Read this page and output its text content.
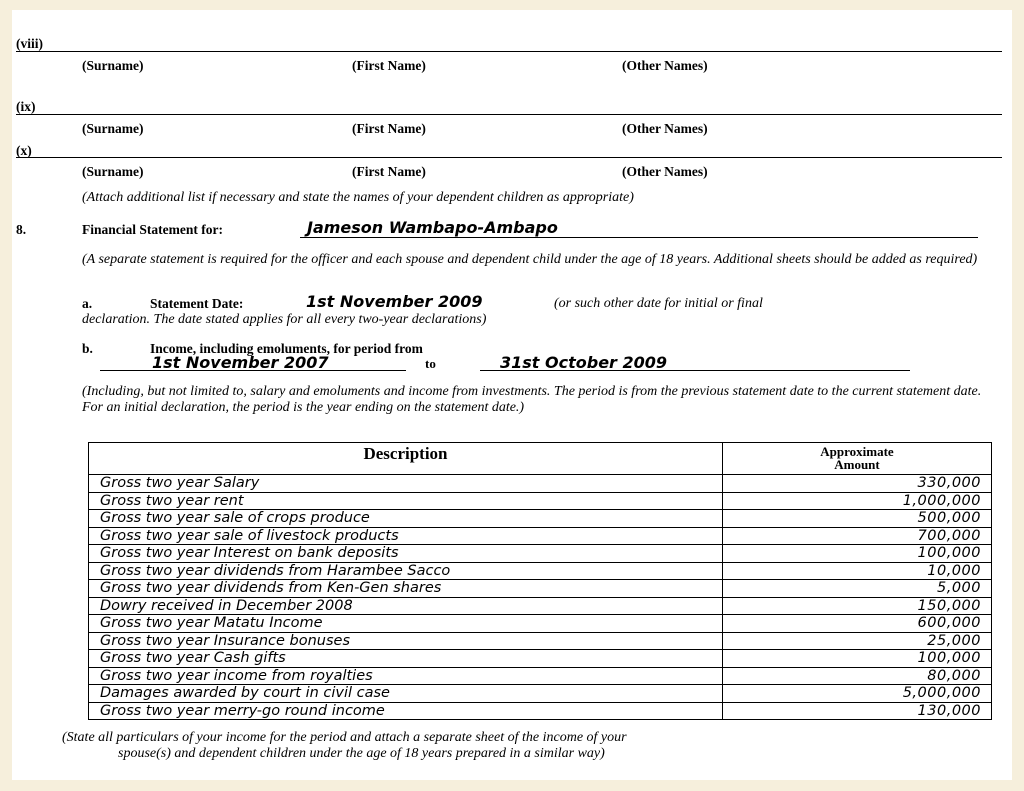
(viii)
(Surname)	(First Name)	(Other Names)
(ix)
(Surname)	(First Name)	(Other Names)
(x)
(Surname)	(First Name)	(Other Names)
(Attach additional list if necessary and state the names of your dependent children as appropriate)
8.	Financial Statement for:	Jameson Wambapo-Ambapo
(A separate statement is required for the officer and each spouse and dependent child under the age of 18 years. Additional sheets should be added as required)
a.	Statement Date:	1st November 2009	(or such other date for initial or final
declaration. The date stated applies for all every two-year declarations)
b.	Income, including emoluments, for period from
1st November 2007	to	31st October 2009
(Including, but not limited to, salary and emoluments and income from investments. The period is from the previous statement date to the current statement date. For an initial declaration, the period is the year ending on the statement date.)
Description	Approximate
Amount
Gross two year Salary	330,000
Gross two year rent	1,000,000
Gross two year sale of crops produce	500,000
Gross two year sale of livestock products	700,000
Gross two year Interest on bank deposits	100,000
Gross two year dividends from Harambee Sacco	10,000
Gross two year dividends from Ken-Gen shares	5,000
Dowry received in December 2008	150,000
Gross two year Matatu Income	600,000
Gross two year Insurance bonuses	25,000
Gross two year Cash gifts	100,000
Gross two year income from royalties	80,000
Damages awarded by court in civil case	5,000,000
Gross two year merry-go round income	130,000
(State all particulars of your income for the period and attach a separate sheet of the income of your
spouse(s) and dependent children under the age of 18 years prepared in a similar way)
